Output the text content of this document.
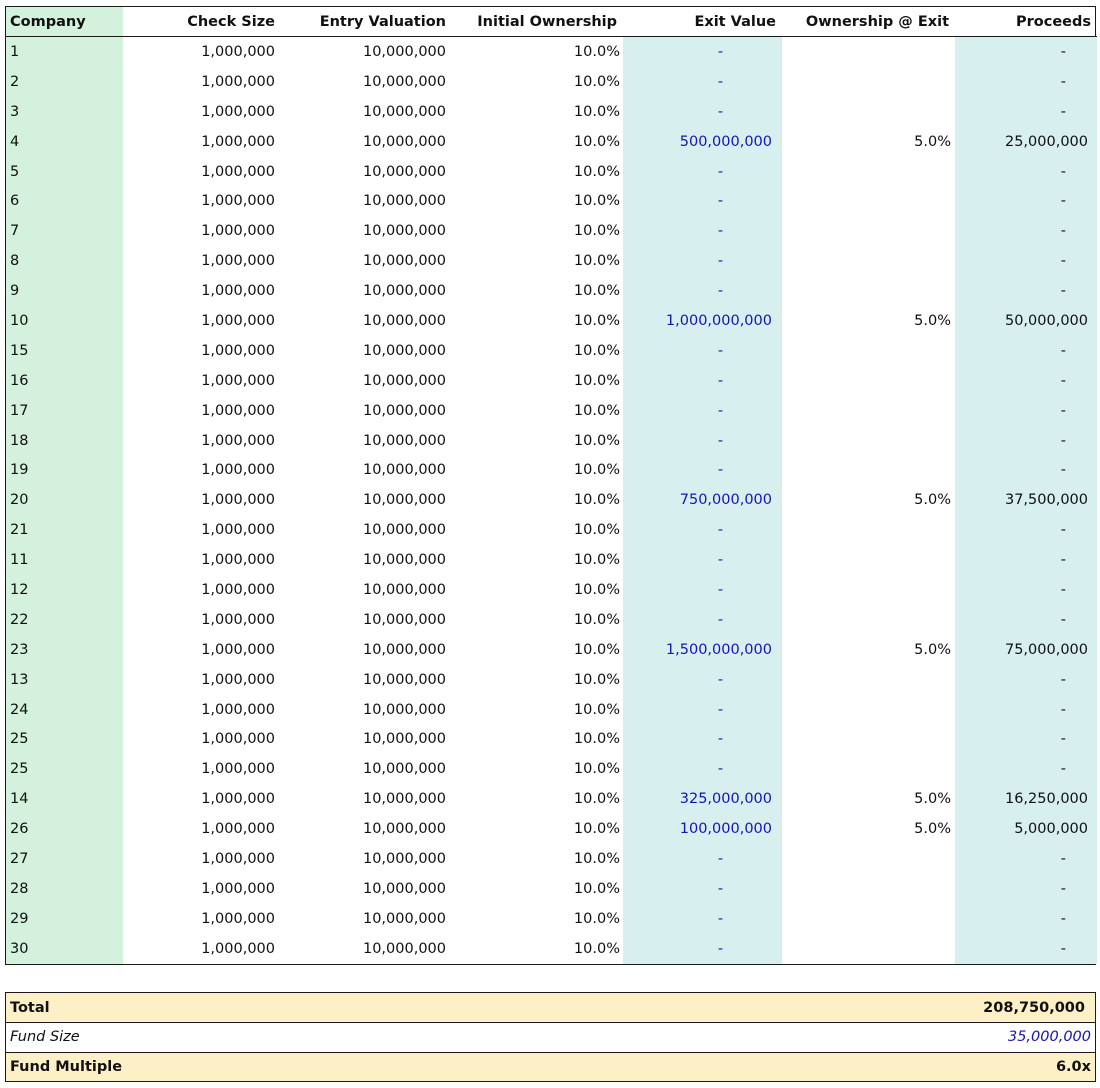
Company	Check Size	Entry Valuation	Initial Ownership	Exit Value	Ownership @ Exit	Proceeds
1	1,000,000	10,000,000	10.0%	-		-
2	1,000,000	10,000,000	10.0%	-		-
3	1,000,000	10,000,000	10.0%	-		-
4	1,000,000	10,000,000	10.0%	500,000,000	5.0%	25,000,000
5	1,000,000	10,000,000	10.0%	-		-
6	1,000,000	10,000,000	10.0%	-		-
7	1,000,000	10,000,000	10.0%	-		-
8	1,000,000	10,000,000	10.0%	-		-
9	1,000,000	10,000,000	10.0%	-		-
10	1,000,000	10,000,000	10.0%	1,000,000,000	5.0%	50,000,000
15	1,000,000	10,000,000	10.0%	-		-
16	1,000,000	10,000,000	10.0%	-		-
17	1,000,000	10,000,000	10.0%	-		-
18	1,000,000	10,000,000	10.0%	-		-
19	1,000,000	10,000,000	10.0%	-		-
20	1,000,000	10,000,000	10.0%	750,000,000	5.0%	37,500,000
21	1,000,000	10,000,000	10.0%	-		-
11	1,000,000	10,000,000	10.0%	-		-
12	1,000,000	10,000,000	10.0%	-		-
22	1,000,000	10,000,000	10.0%	-		-
23	1,000,000	10,000,000	10.0%	1,500,000,000	5.0%	75,000,000
13	1,000,000	10,000,000	10.0%	-		-
24	1,000,000	10,000,000	10.0%	-		-
25	1,000,000	10,000,000	10.0%	-		-
25	1,000,000	10,000,000	10.0%	-		-
14	1,000,000	10,000,000	10.0%	325,000,000	5.0%	16,250,000
26	1,000,000	10,000,000	10.0%	100,000,000	5.0%	5,000,000
27	1,000,000	10,000,000	10.0%	-		-
28	1,000,000	10,000,000	10.0%	-		-
29	1,000,000	10,000,000	10.0%	-		-
30	1,000,000	10,000,000	10.0%	-		-
Total	208,750,000
Fund Size	35,000,000
Fund Multiple	6.0x
